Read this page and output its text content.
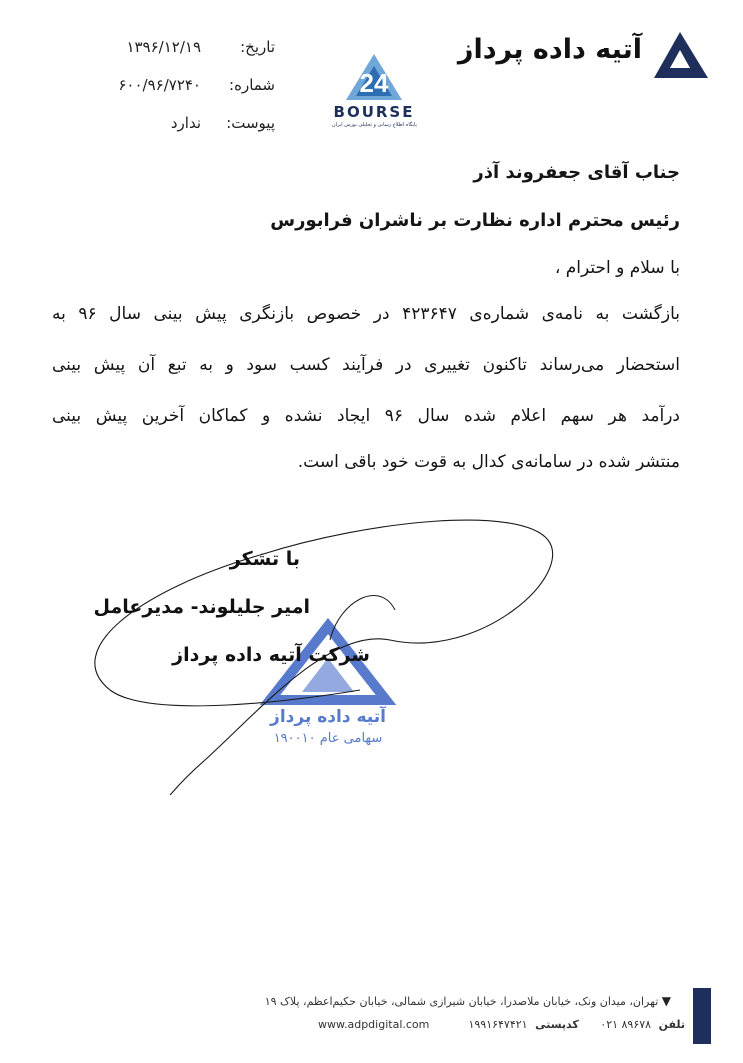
آتیه داده پرداز
24
BOURSE
پایگاه اطلاع رسانی و تحلیلی بورس ایران
تاریخ:
۱۳۹۶/۱۲/۱۹
شماره:
۶۰۰/۹۶/۷۲۴۰
پیوست:
ندارد
جناب آقای جعفروند آذر
رئیس محترم اداره نظارت بر ناشران فرابورس
با سلام و احترام ،
بازگشت به نامه‌ی شماره‌ی ۴۲۳۶۴۷ در خصوص بازنگری پیش بینی سال ۹۶ به
استحضار می‌رساند تاکنون تغییری در فرآیند کسب سود و به تبع آن پیش بینی
درآمد هر سهم اعلام شده سال ۹۶ ایجاد نشده و کماکان آخرین پیش بینی
منتشر شده در سامانه‌ی کدال به قوت خود باقی است.
آتیه داده پرداز
سهامی عام ۱۹۰۰۱۰
با تشکر
امیر جلیلوند- مدیرعامل
شرکت آتیه داده پرداز
▼ تهران، میدان ونک، خیابان ملاصدرا، خیابان شیرازی شمالی، خیابان حکیم‌اعظم، پلاک ۱۹
تلفن ۸۹۶۷۸ ۰۲۱ کدپستی ۱۹۹۱۶۴۷۴۲۱
www.adpdigital.com
